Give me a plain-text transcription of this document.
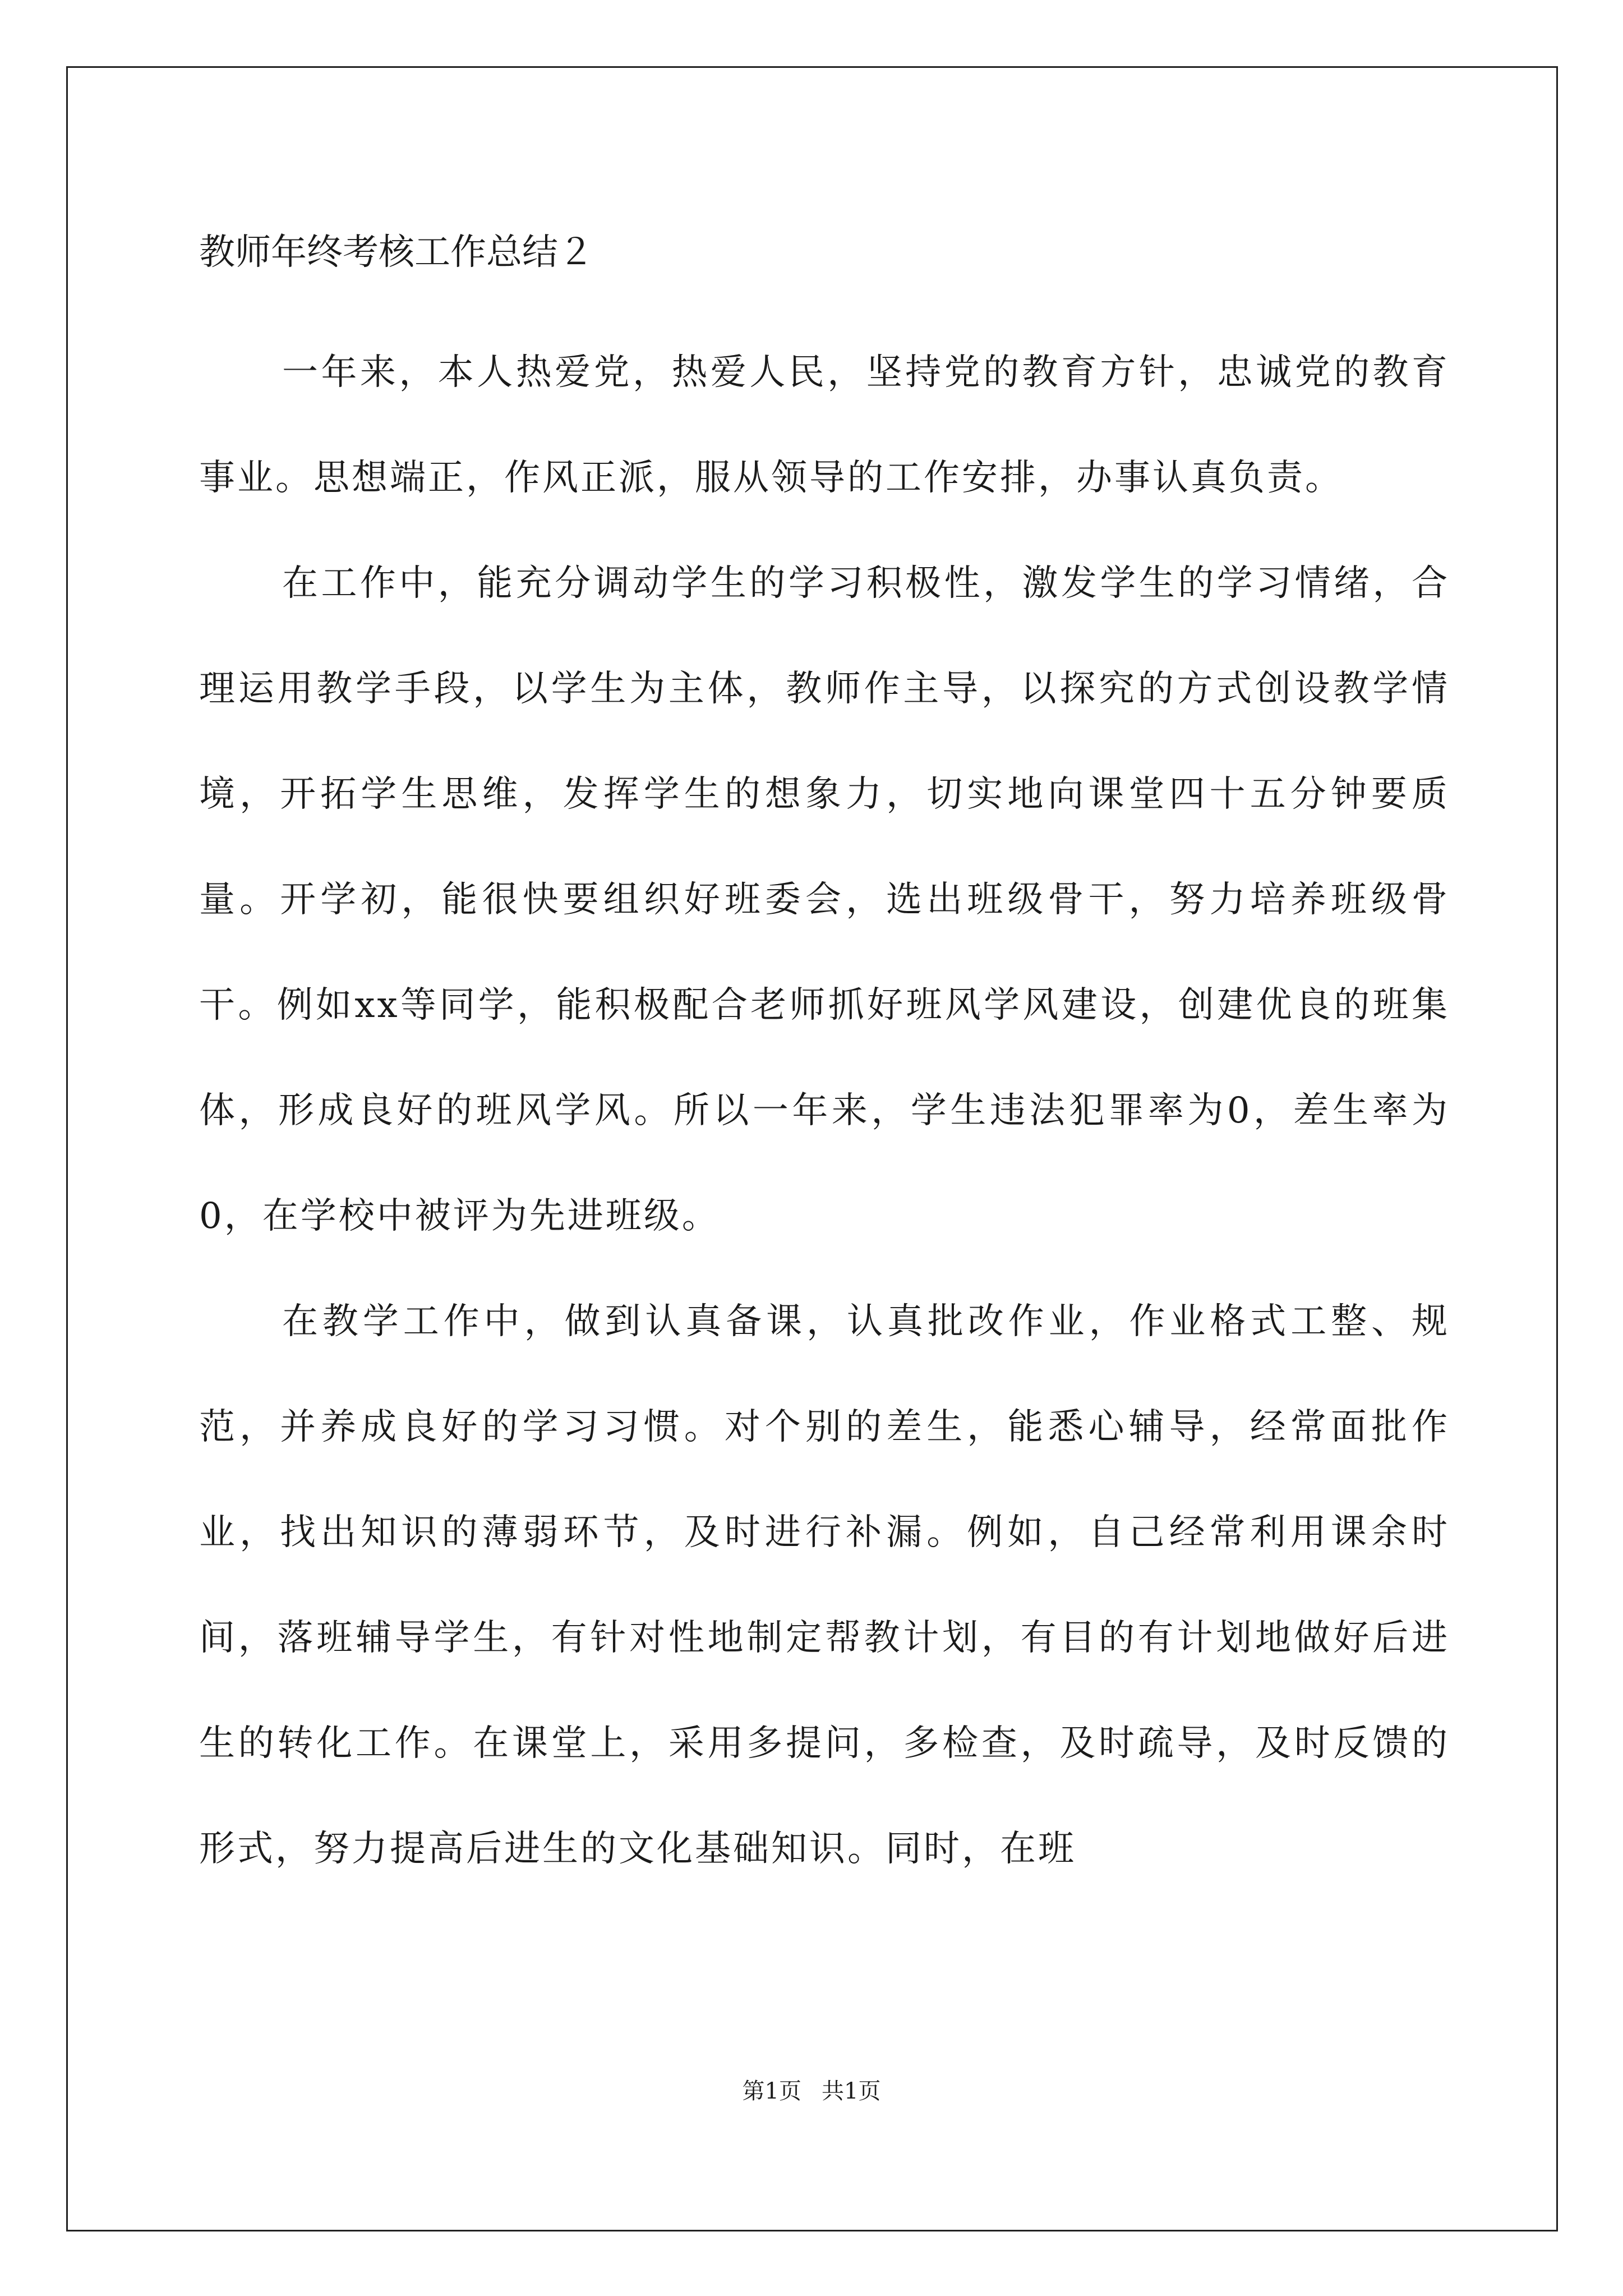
教师年终考核工作总结２

一年来，本人热爱党，热爱人民，坚持党的教育方针，忠诚党的教育事业。思想端正，作风正派，服从领导的工作安排，办事认真负责。

在工作中，能充分调动学生的学习积极性，激发学生的学习情绪，合理运用教学手段，以学生为主体，教师作主导，以探究的方式创设教学情境，开拓学生思维，发挥学生的想象力，切实地向课堂四十五分钟要质量。开学初，能很快要组织好班委会，选出班级骨干，努力培养班级骨干。例如xx等同学，能积极配合老师抓好班风学风建设，创建优良的班集体，形成良好的班风学风。所以一年来，学生违法犯罪率为0，差生率为0，在学校中被评为先进班级。

在教学工作中，做到认真备课，认真批改作业，作业格式工整、规范，并养成良好的学习习惯。对个别的差生，能悉心辅导，经常面批作业，找出知识的薄弱环节，及时进行补漏。例如，自己经常利用课余时间，落班辅导学生，有针对性地制定帮教计划，有目的有计划地做好后进生的转化工作。在课堂上，采用多提问，多检查，及时疏导，及时反馈的形式，努力提高后进生的文化基础知识。同时，在班

第1页 共1页
